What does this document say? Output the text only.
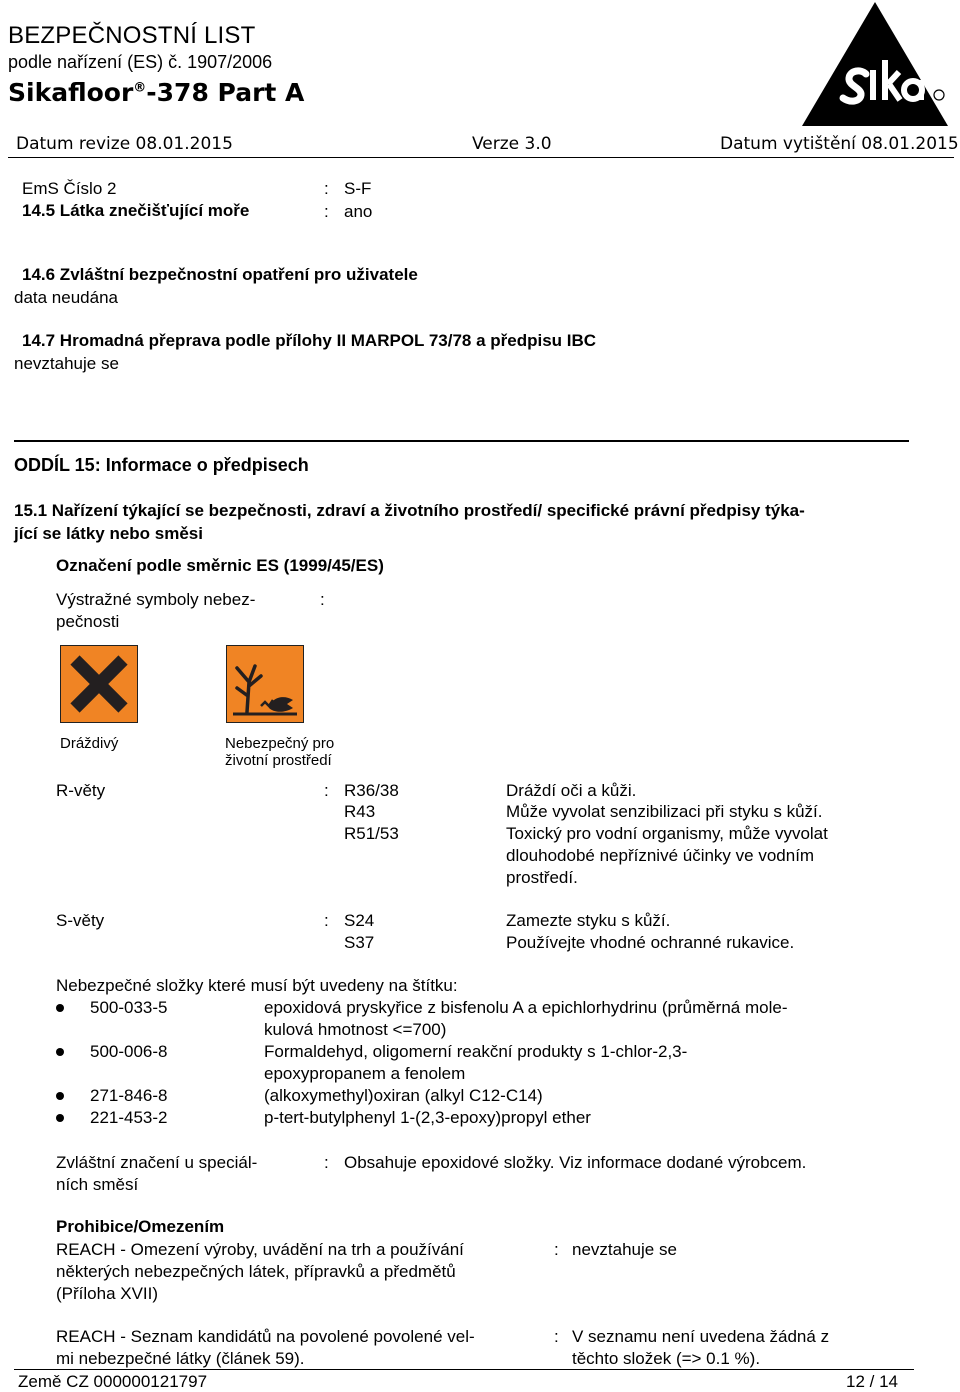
BEZPEČNOSTNÍ LIST
podle nařízení (ES) č. 1907/2006
Sikafloor®-378 Part A
Datum revize 08.01.2015	Verze 3.0	Datum vytištění 08.01.2015
EmS Číslo 2	: S-F
14.5 Látka znečišťující moře	: ano
14.6 Zvláštní bezpečnostní opatření pro uživatele
data neudána
14.7 Hromadná přeprava podle přílohy II MARPOL 73/78 a předpisu IBC
nevztahuje se
ODDÍL 15: Informace o předpisech
15.1 Nařízení týkající se bezpečnosti, zdraví a životního prostředí/ specifické právní předpisy týka-
jící se látky nebo směsi
Označení podle směrnic ES (1999/45/ES)
Výstražné symboly nebez-
pečnosti
:
Dráždivý	Nebezpečný pro
životní prostředí
R-věty	: R36/38	Dráždí oči a kůži.
R43	Může vyvolat senzibilizaci při styku s kůží.
R51/53	Toxický pro vodní organismy, může vyvolat
dlouhodobé nepříznivé účinky ve vodním
prostředí.
S-věty	: S24	Zamezte styku s kůží.
S37	Používejte vhodné ochranné rukavice.
Nebezpečné složky které musí být uvedeny na štítku:
500-033-5	epoxidová pryskyřice z bisfenolu A a epichlorhydrinu (průměrná mole-
kulová hmotnost <=700)
500-006-8	Formaldehyd, oligomerní reakční produkty s 1-chlor-2,3-
epoxypropanem a fenolem
271-846-8	(alkoxymethyl)oxiran (alkyl C12-C14)
221-453-2	p-tert-butylphenyl 1-(2,3-epoxy)propyl ether
Zvláštní značení u speciál-
ních směsí
: Obsahuje epoxidové složky. Viz informace dodané výrobcem.
Prohibice/Omezením
REACH - Omezení výroby, uvádění na trh a používání
některých nebezpečných látek, přípravků a předmětů
(Příloha XVII)
: nevztahuje se
REACH - Seznam kandidátů na povolené povolené vel-
mi nebezpečné látky (článek 59).
: V seznamu není uvedena žádná z
těchto složek (=> 0.1 %).
Země CZ 000000121797	12 / 14
